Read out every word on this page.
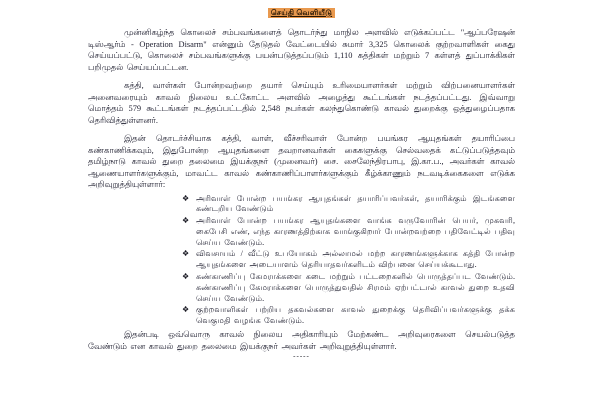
செய்தி வெளியீடு

முன்னிகழ்ந்த கொலைச் சம்பவங்களைத் தொடர்ந்து மாநில அளவில் எடுக்கப்பட்ட "ஆப்பரேஷன் டிஸ்ஆர்ம் - Operation Disarm" என்னும் தேடுதல் வேட்டையில் சுமார் 3,325 கொலைக் குற்றவாளிகள் கைது செய்யப்பட்டு, கொலைச் சம்பவங்களுக்கு பயன்படுத்தப்படும் 1,110 கத்திகள் மற்றும் 7 கள்ளத் துப்பாக்கிகள் பறிமுதல் செய்யப்பட்டன.

கத்தி, வாள்கள் போன்றவற்றை தயார் செய்யும் உரிமையாளர்கள் மற்றும் விற்பனையாளர்கள் அனைவரையும் காவல் நிலைய உட்கோட்ட அளவில் அழைத்து கூட்டங்கள் நடத்தப்பட்டது. இவ்வாறு மொத்தம் 579 கூட்டங்கள் நடத்தப்பட்டதில் 2,548 நபர்கள் கலந்துகொண்டு காவல் துறைக்கு ஒத்துழைப்பதாக தெரிவித்துள்ளனர்.

இதன் தொடர்ச்சியாக கத்தி, வாள், வீச்சரிவாள் போன்ற பயங்கர ஆயுதங்கள் தயாரிப்பை கண்காணிக்கவும், இதுபோன்ற ஆயுதங்களை தவறானவர்கள் கைகளுக்கு செல்வதைக் கட்டுப்படுத்தவும் தமிழ்நாடு காவல் துறை தலைமை இயக்குநர் (முனைவர்) சை. சைலேந்திரபாபு, இ.கா.ப., அவர்கள் காவல் ஆணையாளர்களுக்கும், மாவட்ட காவல் கண்காணிப்பாளர்களுக்கும் கீழ்க்காணும் நடவடிக்கைகளை எடுக்க அறிவுறுத்தியுள்ளார்:

❖ அரிவாள் போன்ற பயங்கர ஆயுதங்கள் தயாரிப்பவர்கள், தயாரிக்கும் இடங்களை கண்டறிய வேண்டும்
❖ அரிவாள் போன்ற பயங்கர ஆயுதங்களை வாங்க வருவோரின் பெயர், முகவரி, கைபேசி எண், எந்த காரணத்திற்காக வாங்குகிறார் போன்றவற்றை பதிவேட்டில் பதிவு செய்ய வேண்டும்.
❖ விவசாயம் / வீட்டு உபயோகம் அல்லாமல் மற்ற காரணங்களுக்காக கத்தி போன்ற ஆயுதங்களை அடையாளம் தெரியாதவர்களிடம் விற்பனை செய்யக்கூடாது.
❖ கண்காணிப்பு கேமராக்களை கடை மற்றும் பட்டறைகளில் பொருத்தப்பட வேண்டும். கண்காணிப்பு கேமராக்களை பொருத்துவதில் சிரமம் ஏற்பட்டால் காவல் துறை உதவி செய்ய வேண்டும்.
❖ குற்றவாளிகள் பற்றிய தகவல்களை காவல் துறைக்கு தெரிவிப்பவர்களுக்கு தக்க வெகுமதி வழங்க வேண்டும்.

இதன்படி ஒவ்வொரு காவல் நிலைய அதிகாரியும் மேற்கண்ட அறிவுரைகளை செயல்படுத்த வேண்டும் என காவல் துறை தலைமை இயக்குநர் அவர்கள் அறிவுறுத்தியுள்ளார்.

-----
